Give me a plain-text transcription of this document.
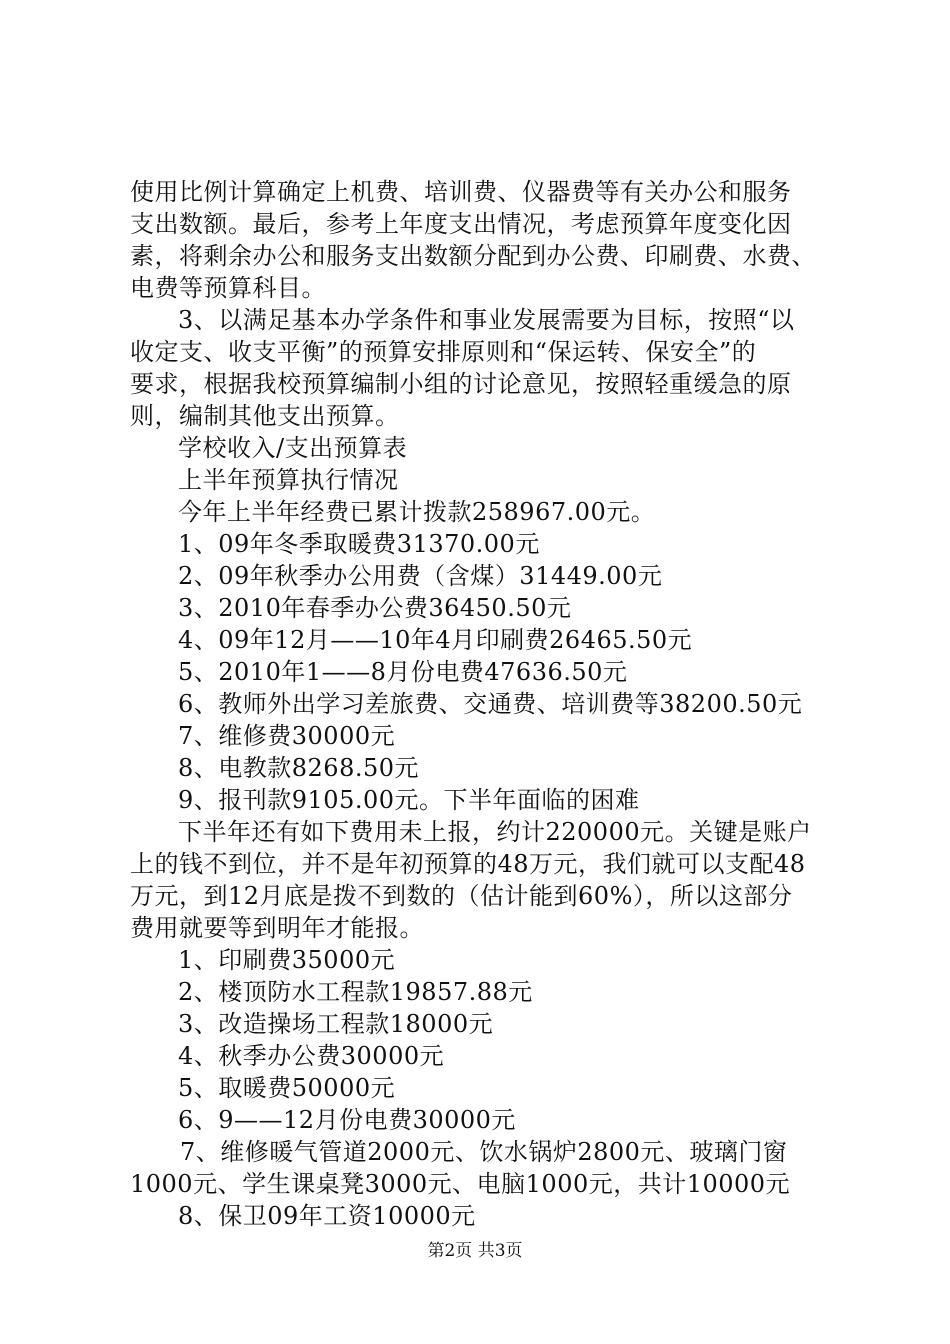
使用比例计算确定上机费、培训费、仪器费等有关办公和服务
支出数额。最后，参考上年度支出情况，考虑预算年度变化因
素，将剩余办公和服务支出数额分配到办公费、印刷费、水费、
电费等预算科目。
3、以满足基本办学条件和事业发展需要为目标，按照“以
收定支、收支平衡”的预算安排原则和“保运转、保安全”的
要求，根据我校预算编制小组的讨论意见，按照轻重缓急的原
则，编制其他支出预算。
学校收入/支出预算表
上半年预算执行情况
今年上半年经费已累计拨款258967.00元。
1、09年冬季取暖费31370.00元
2、09年秋季办公用费（含煤）31449.00元
3、2010年春季办公费36450.50元
4、09年12月——10年4月印刷费26465.50元
5、2010年1——8月份电费47636.50元
6、教师外出学习差旅费、交通费、培训费等38200.50元
7、维修费30000元
8、电教款8268.50元
9、报刊款9105.00元。下半年面临的困难
下半年还有如下费用未上报，约计220000元。关键是账户
上的钱不到位，并不是年初预算的48万元，我们就可以支配48
万元，到12月底是拨不到数的（估计能到60%），所以这部分
费用就要等到明年才能报。
1、印刷费35000元
2、楼顶防水工程款19857.88元
3、改造操场工程款18000元
4、秋季办公费30000元
5、取暖费50000元
6、9——12月份电费30000元
7、维修暖气管道2000元、饮水锅炉2800元、玻璃门窗
1000元、学生课桌凳3000元、电脑1000元，共计10000元
8、保卫09年工资10000元
第2页 共3页
